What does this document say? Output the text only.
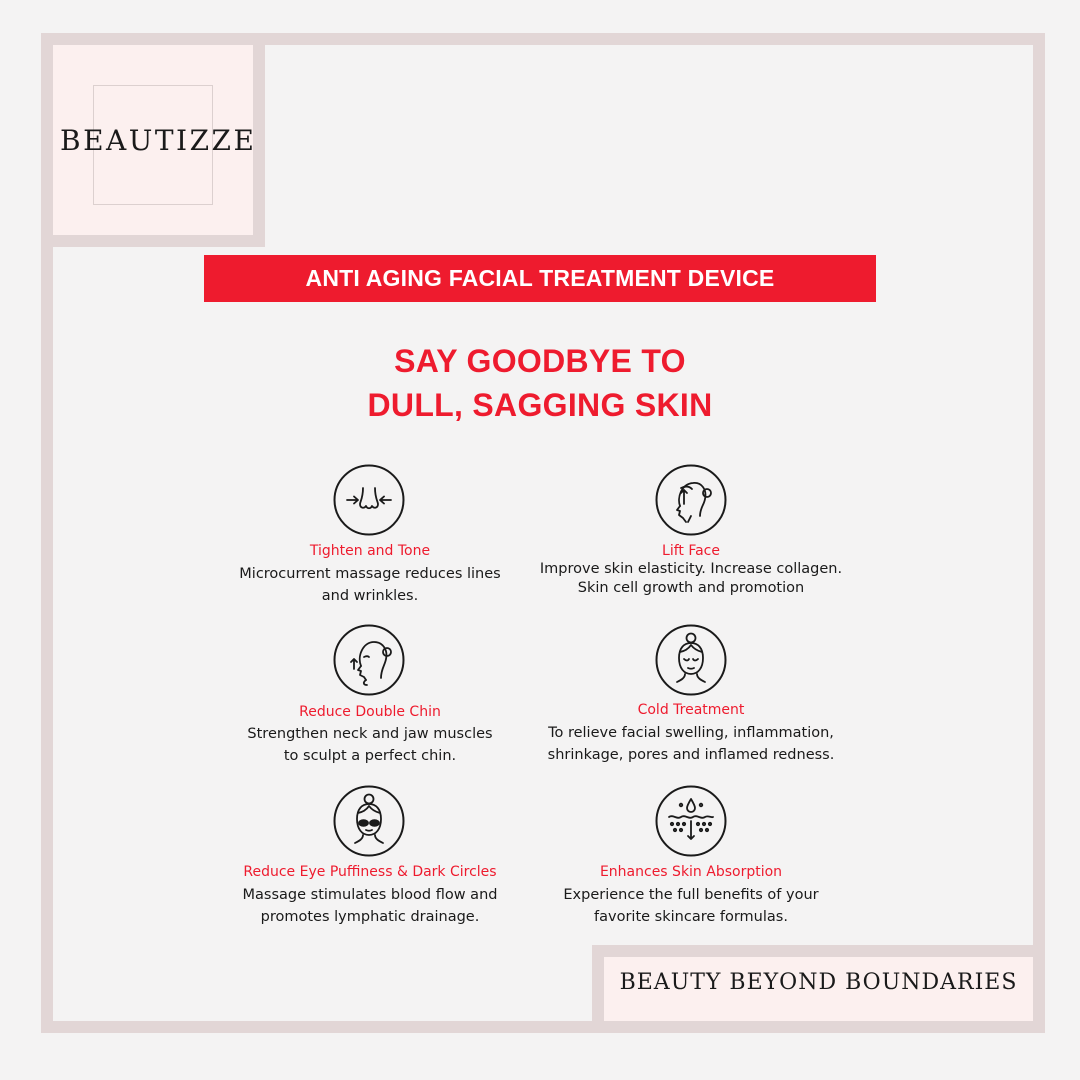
BEAUTIZZE
ANTI AGING FACIAL TREATMENT DEVICE
SAY GOODBYE TO
DULL, SAGGING SKIN
Tighten and Tone
Microcurrent massage reduces lines
and wrinkles.
Lift Face
Improve skin elasticity. Increase collagen.
Skin cell growth and promotion
Reduce Double Chin
Strengthen neck and jaw muscles
to sculpt a perfect chin.
Cold Treatment
To relieve facial swelling, inflammation,
shrinkage, pores and inflamed redness.
Reduce Eye Puffiness & Dark Circles
Massage stimulates blood flow and
promotes lymphatic drainage.
Enhances Skin Absorption
Experience the full benefits of your
favorite skincare formulas.
BEAUTY BEYOND BOUNDARIES
